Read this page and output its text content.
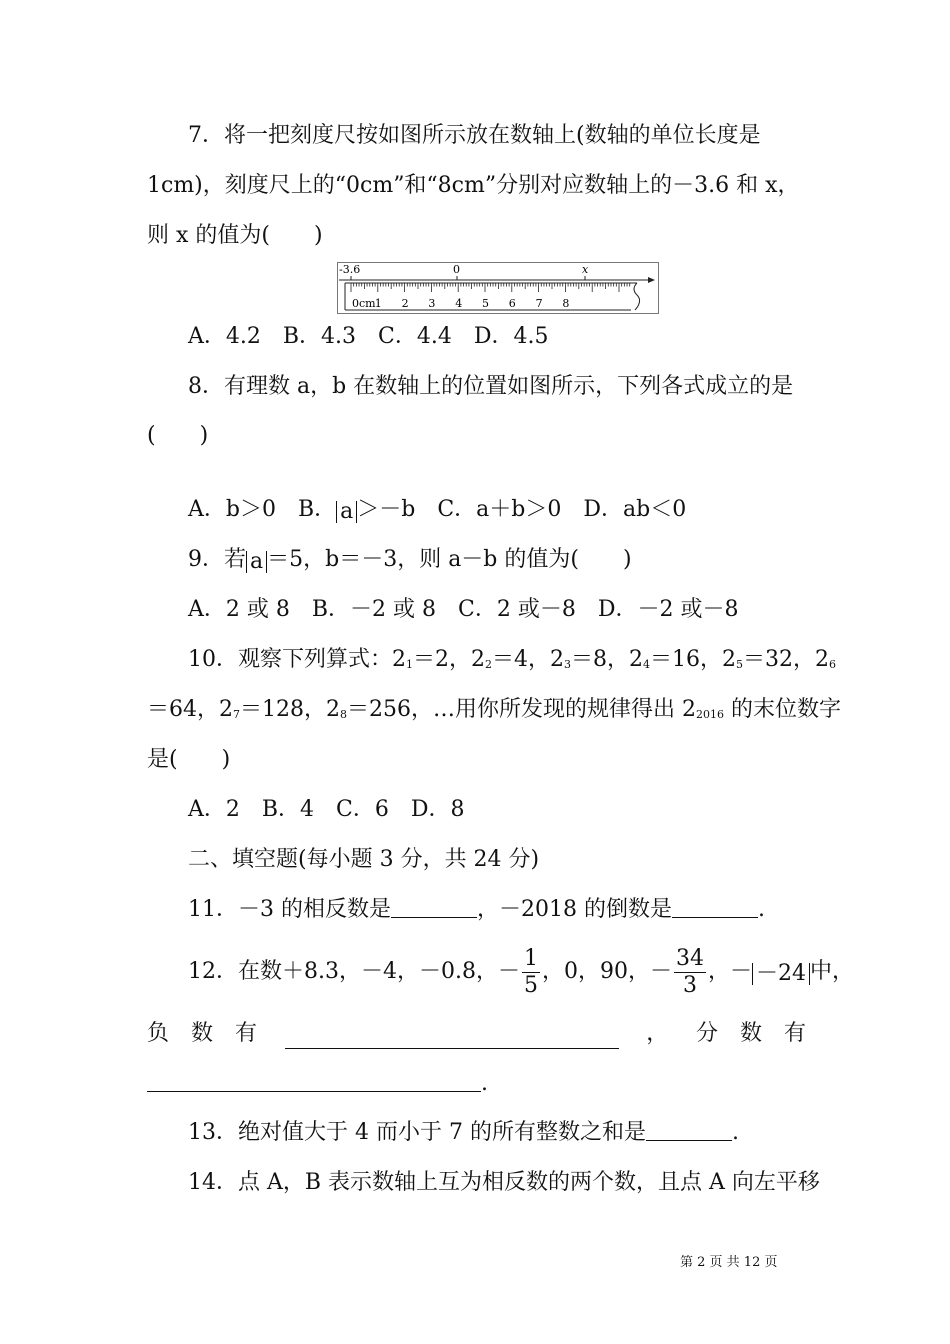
7．将一把刻度尺按如图所示放在数轴上(数轴的单位长度是
1cm)，刻度尺上的“0cm”和“8cm”分别对应数轴上的－3.6 和 x，
则 x 的值为(　　)
-3.6	0	x
0cm 1 2 3 4 5 6 7 8
A．4.2　B．4.3　C．4.4　D．4.5
8．有理数 a，b 在数轴上的位置如图所示，下列各式成立的是
(　　)
A．b＞0　B． a ＞－b　C．a＋b＞0　D．ab＜0
9．若 a ＝5，b＝－3，则 a－b 的值为(　　)
A．2 或 8　B．－2 或 8　C．2 或－8　D．－2 或－8
10．观察下列算式：21＝2，22＝4，23＝8，24＝16，25＝32，26
＝64，27＝128，28＝256，…用你所发现的规律得出 22016 的末位数字
是(　　)
A．2　B．4　C．6　D．8
二、填空题(每小题 3 分，共 24 分)
11．－3 的相反数是	，－2018 的倒数是	.
12．在数＋8.3，－4，－0.8，－ $\frac{1}{5}$ ，0，90，－ $\frac{34}{3}$ ，－ －24 中，
负　数　有	， 分　数　有
.
13．绝对值大于 4 而小于 7 的所有整数之和是	.
14．点 A，B 表示数轴上互为相反数的两个数，且点 A 向左平移
第 2 页 共 12 页
